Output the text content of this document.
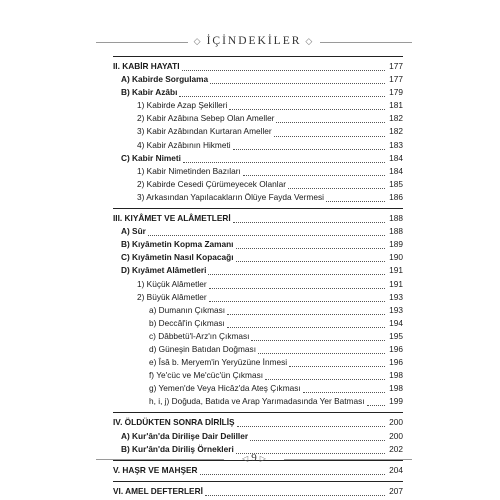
◇ İÇİNDEKİLER ◇
II. KABİR HAYATI	177
A) Kabirde Sorgulama	177
B) Kabir Azâbı	179
1) Kabirde Azap Şekilleri	181
2) Kabir Azâbına Sebep Olan Ameller	182
3) Kabir Azâbından Kurtaran Ameller	182
4) Kabir Azâbının Hikmeti	183
C) Kabir Nimeti	184
1) Kabir Nimetinden Bazıları	184
2) Kabirde Cesedi Çürümeyecek Olanlar	185
3) Arkasından Yapılacakların Ölüye Fayda Vermesi	186
III. KIYÂMET VE ALÂMETLERİ	188
A) Sûr	188
B) Kıyâmetin Kopma Zamanı	189
C) Kıyâmetin Nasıl Kopacağı	190
D) Kıyâmet Alâmetleri	191
1) Küçük Alâmetler	191
2) Büyük Alâmetler	193
a) Dumanın Çıkması	193
b) Deccâl'in Çıkması	194
c) Dâbbetü'l-Arz'ın Çıkması	195
d) Güneşin Batıdan Doğması	196
e) Îsâ b. Meryem'in Yeryüzüne İnmesi	196
f) Ye'cüc ve Me'cüc'ün Çıkması	198
g) Yemen'de Veya Hicâz'da Ateş Çıkması	198
h, i, j) Doğuda, Batıda ve Arap Yarımadasında Yer Batması	199
IV. ÖLDÜKTEN SONRA DİRİLİŞ	200
A) Kur'ân'da Dirilişe Dair Deliller	200
B) Kur'ân'da Diriliş Örnekleri	202
V. HAŞR VE MAHŞER	204
VI. AMEL DEFTERLERİ	207
◁ 9 ▷
